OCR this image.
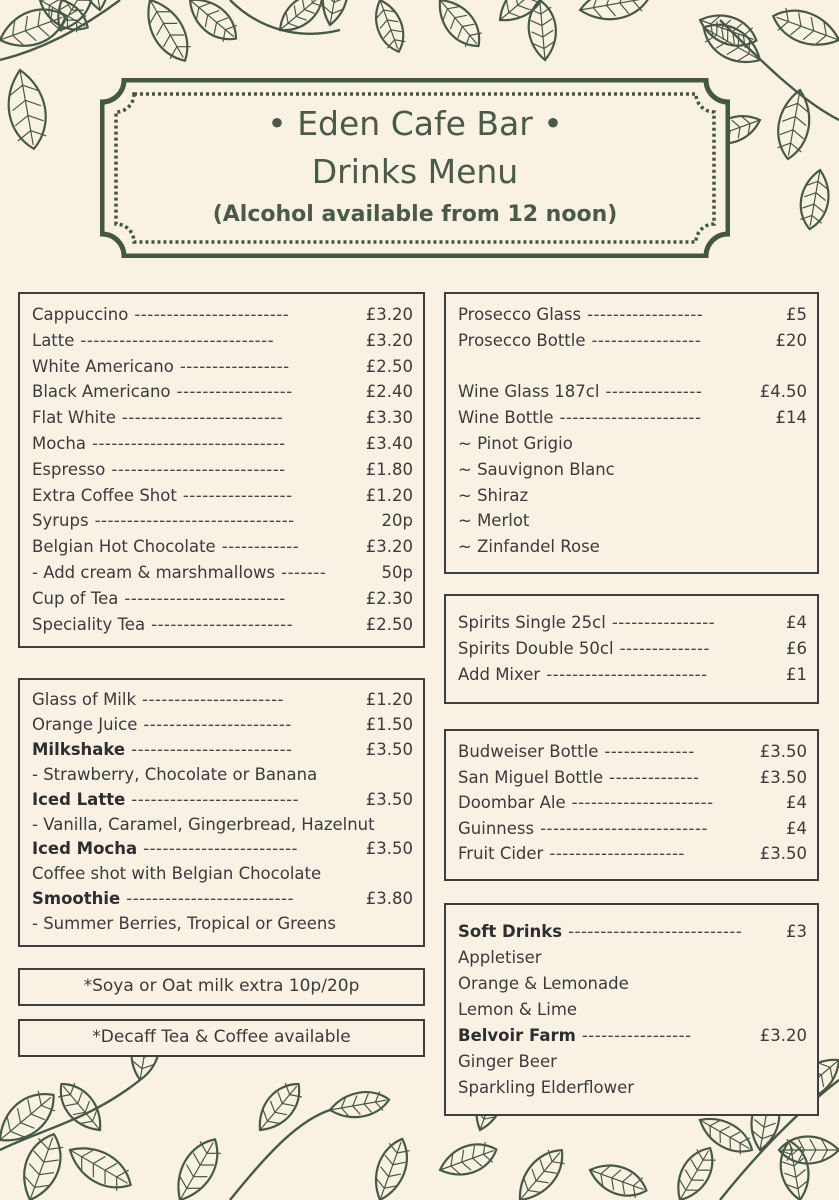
• Eden Cafe Bar •
Drinks Menu
(Alcohol available from 12 noon)
Cappuccino ------------------------	£3.20
Latte ------------------------------	£3.20
White Americano -----------------	£2.50
Black Americano ------------------	£2.40
Flat White -------------------------	£3.30
Mocha ------------------------------	£3.40
Espresso ---------------------------	£1.80
Extra Coffee Shot -----------------	£1.20
Syrups -------------------------------	20p
Belgian Hot Chocolate ------------	£3.20
- Add cream & marshmallows -------	50p
Cup of Tea -------------------------	£2.30
Speciality Tea ----------------------	£2.50
Glass of Milk ----------------------	£1.20
Orange Juice -----------------------	£1.50
Milkshake -------------------------	£3.50
- Strawberry, Chocolate or Banana
Iced Latte --------------------------	£3.50
- Vanilla, Caramel, Gingerbread, Hazelnut
Iced Mocha ------------------------	£3.50
Coffee shot with Belgian Chocolate
Smoothie --------------------------	£3.80
- Summer Berries, Tropical or Greens
*Soya or Oat milk extra 10p/20p
*Decaff Tea & Coffee available
Prosecco Glass ------------------	£5
Prosecco Bottle -----------------	£20
Wine Glass 187cl ---------------	£4.50
Wine Bottle ----------------------	£14
~ Pinot Grigio
~ Sauvignon Blanc
~ Shiraz
~ Merlot
~ Zinfandel Rose
Spirits Single 25cl ----------------	£4
Spirits Double 50cl --------------	£6
Add Mixer -------------------------	£1
Budweiser Bottle --------------	£3.50
San Miguel Bottle --------------	£3.50
Doombar Ale ----------------------	£4
Guinness --------------------------	£4
Fruit Cider ---------------------	£3.50
Soft Drinks ---------------------------	£3
Appletiser
Orange & Lemonade
Lemon & Lime
Belvoir Farm -----------------	£3.20
Ginger Beer
Sparkling Elderflower
